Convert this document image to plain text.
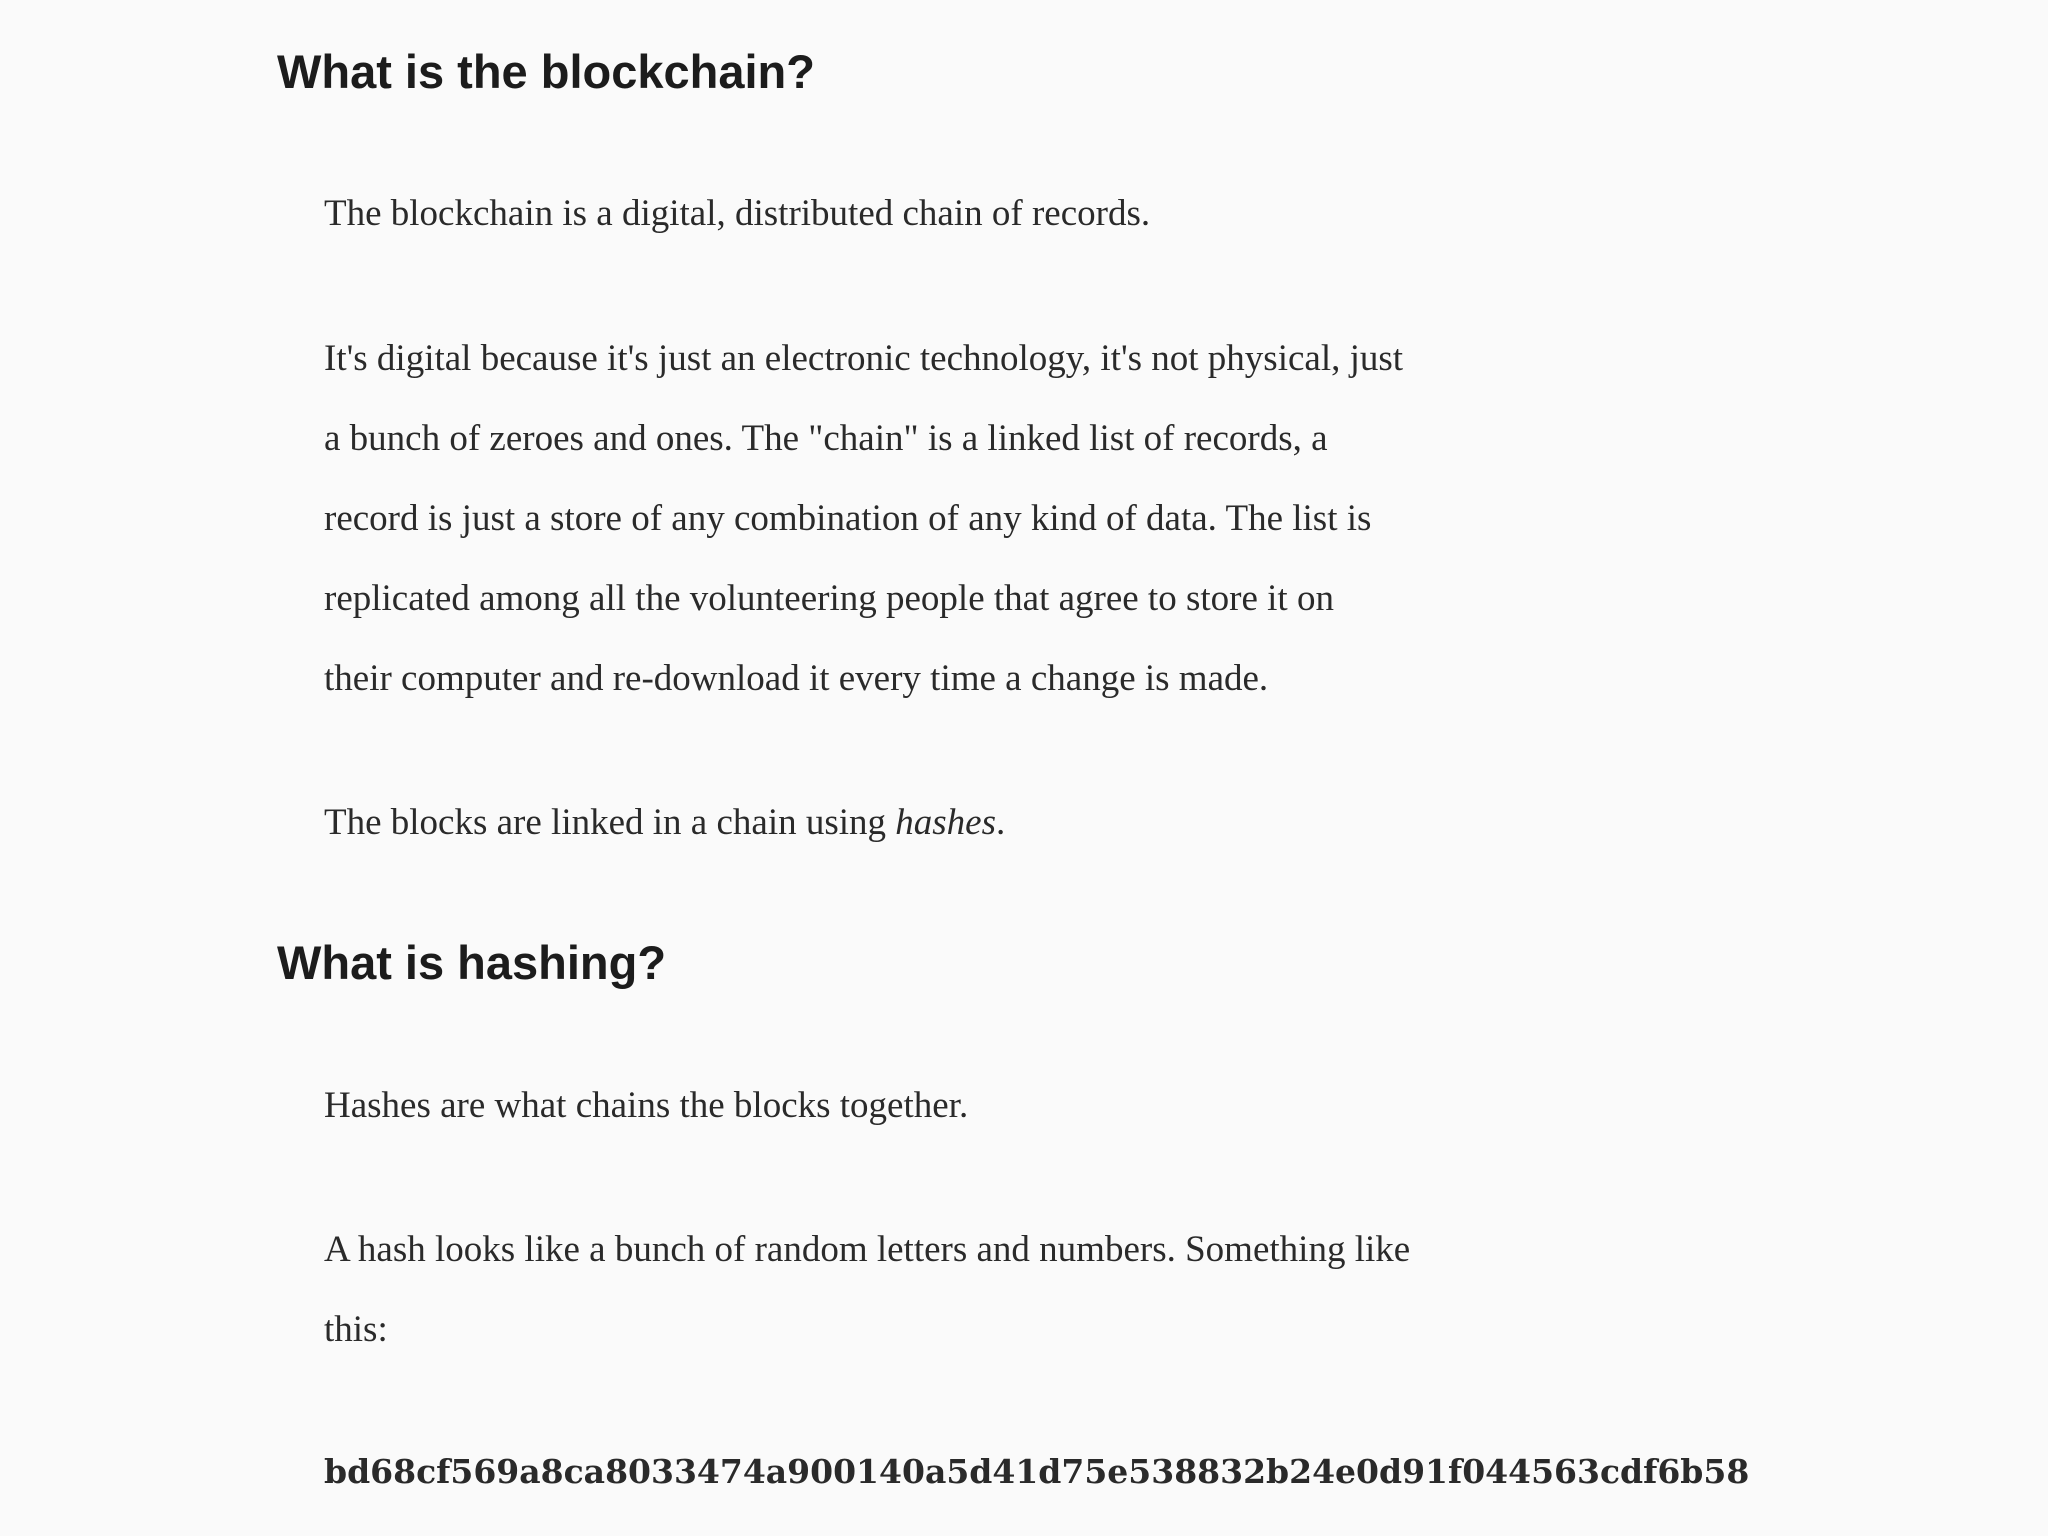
What is the blockchain?

The blockchain is a digital, distributed chain of records.

It's digital because it's just an electronic technology, it's not physical, just
a bunch of zeroes and ones. The "chain" is a linked list of records, a
record is just a store of any combination of any kind of data. The list is
replicated among all the volunteering people that agree to store it on
their computer and re-download it every time a change is made.

The blocks are linked in a chain using hashes.

What is hashing?

Hashes are what chains the blocks together.

A hash looks like a bunch of random letters and numbers. Something like
this:

bd68cf569a8ca8033474a900140a5d41d75e538832b24e0d91f044563cdf6b58
